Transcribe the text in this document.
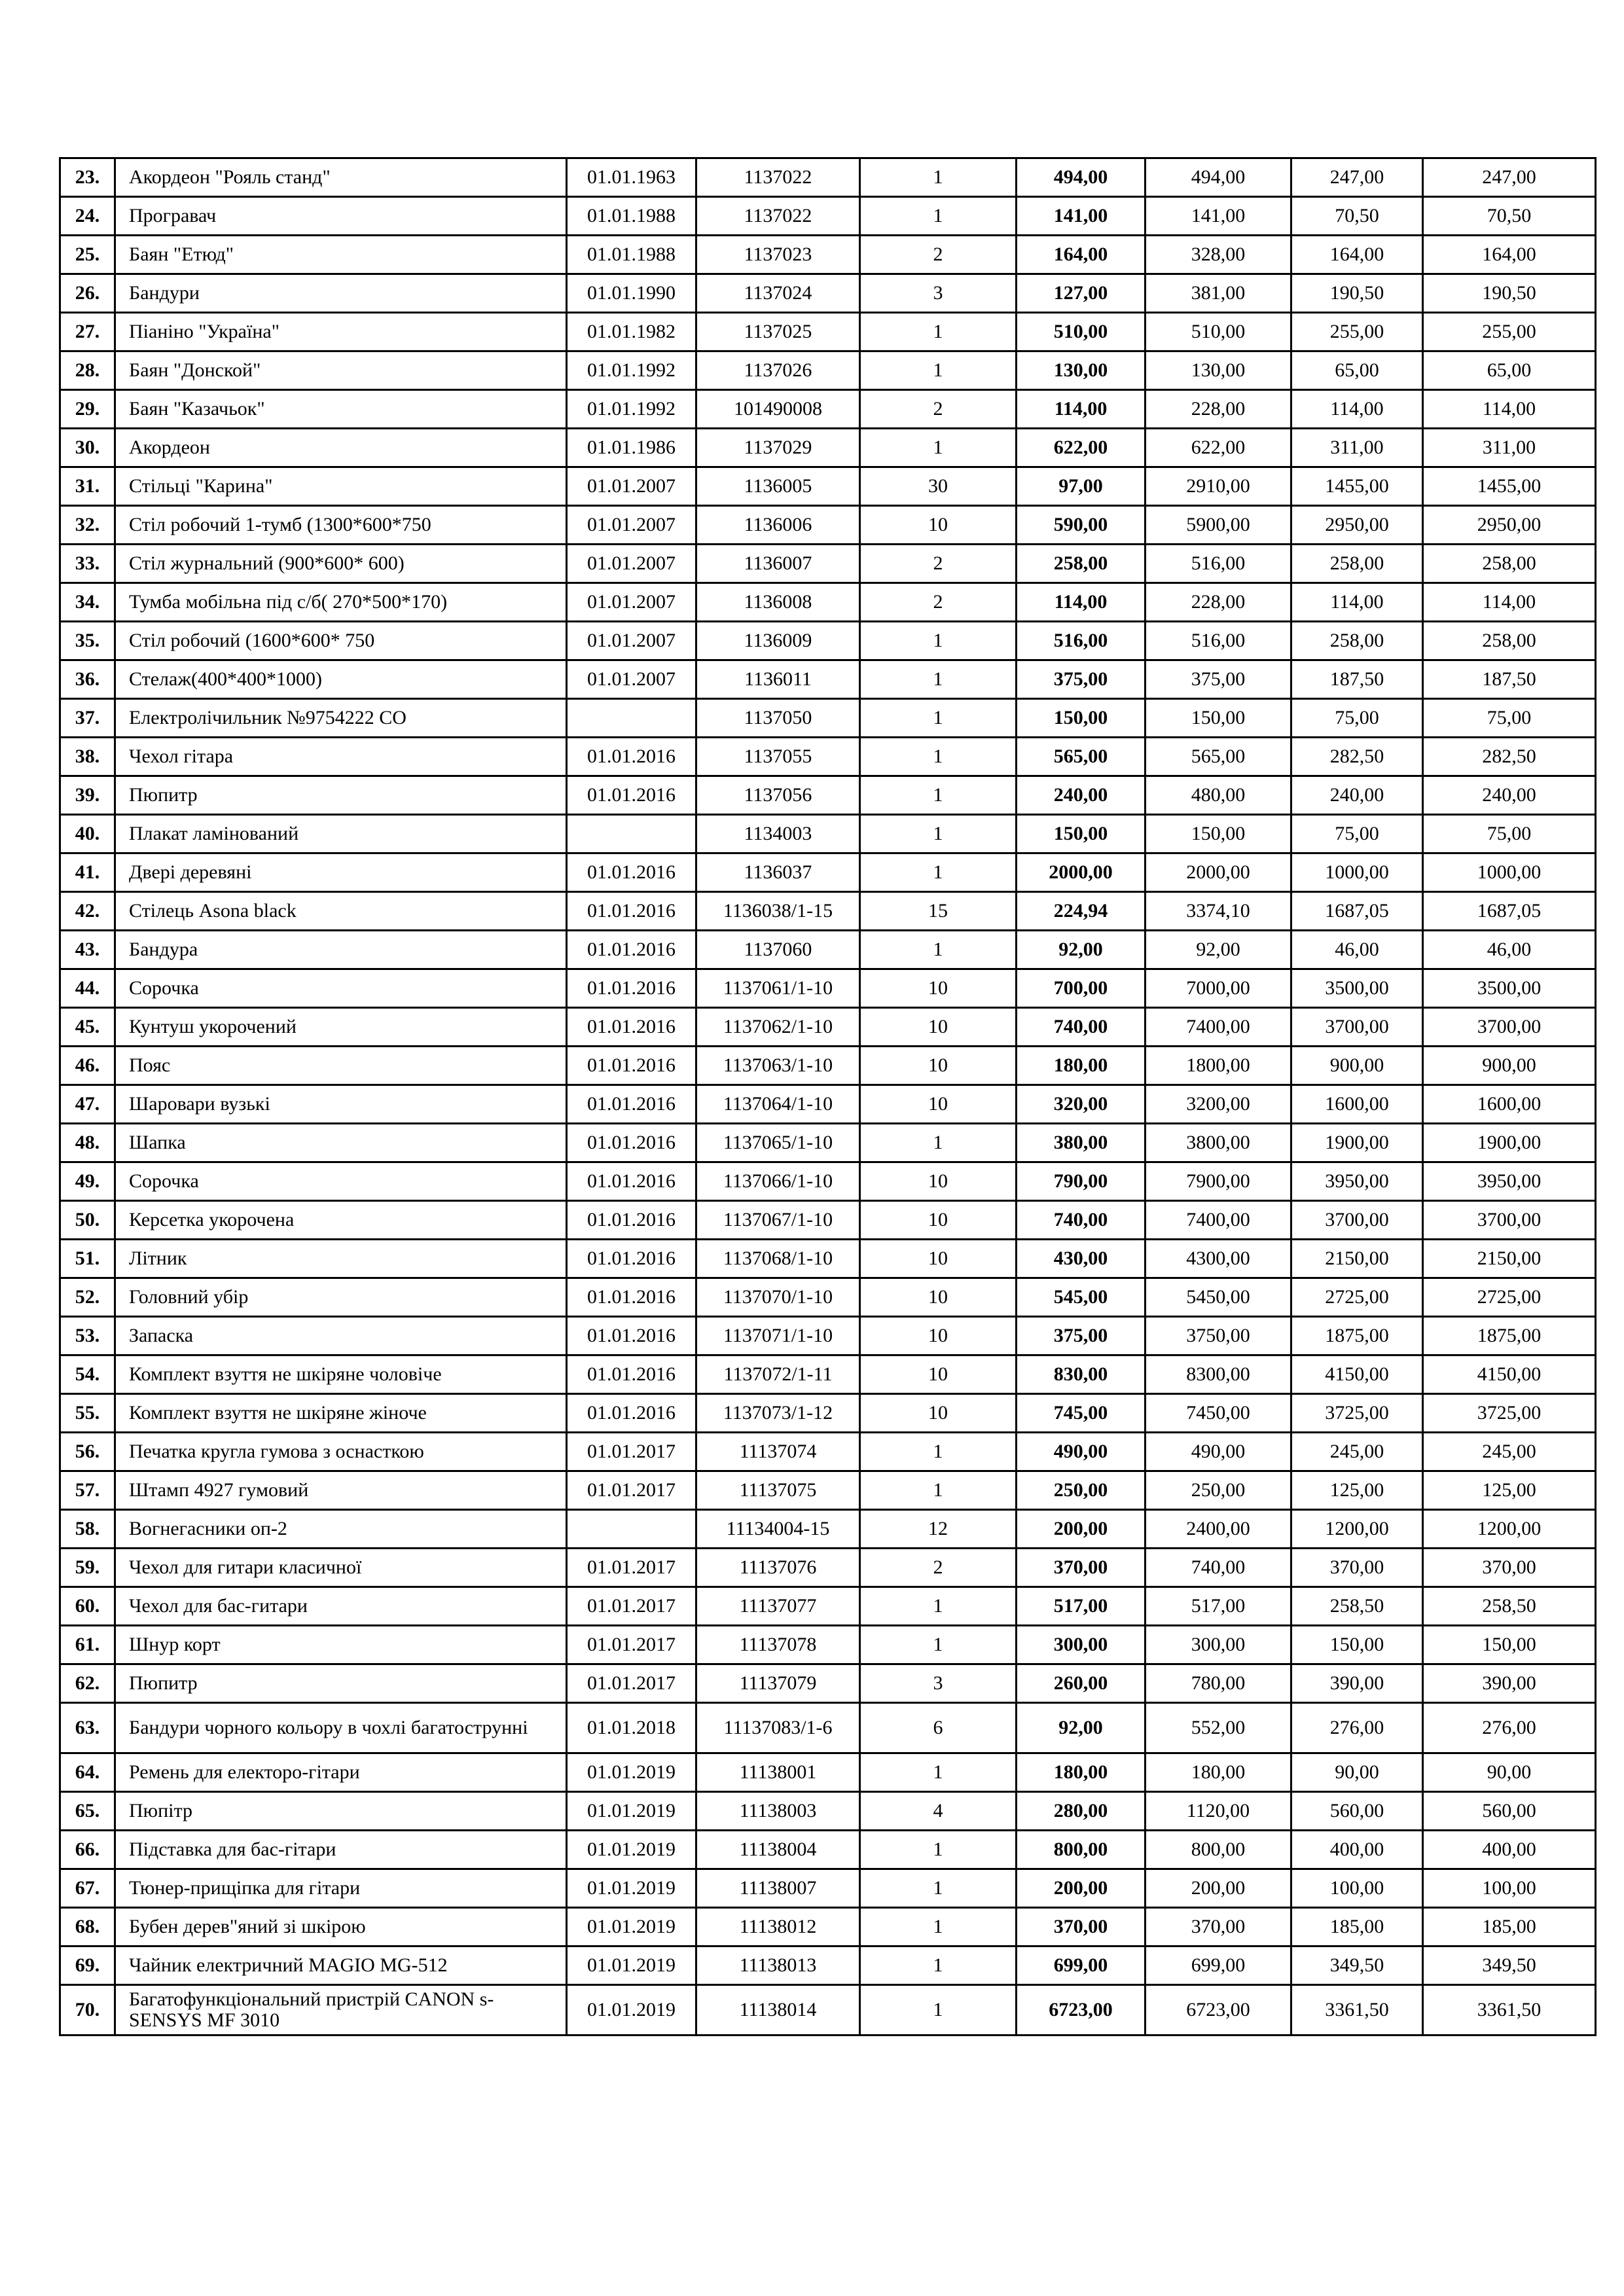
23.	Акордеон "Рояль станд"	01.01.1963	1137022	1	494,00	494,00	247,00	247,00
24.	Програвач	01.01.1988	1137022	1	141,00	141,00	70,50	70,50
25.	Баян "Етюд"	01.01.1988	1137023	2	164,00	328,00	164,00	164,00
26.	Бандури	01.01.1990	1137024	3	127,00	381,00	190,50	190,50
27.	Піаніно "Україна"	01.01.1982	1137025	1	510,00	510,00	255,00	255,00
28.	Баян "Донской"	01.01.1992	1137026	1	130,00	130,00	65,00	65,00
29.	Баян "Казачьок"	01.01.1992	101490008	2	114,00	228,00	114,00	114,00
30.	Акордеон	01.01.1986	1137029	1	622,00	622,00	311,00	311,00
31.	Стільці "Карина"	01.01.2007	1136005	30	97,00	2910,00	1455,00	1455,00
32.	Стіл робочий 1-тумб (1300*600*750	01.01.2007	1136006	10	590,00	5900,00	2950,00	2950,00
33.	Стіл журнальний (900*600* 600)	01.01.2007	1136007	2	258,00	516,00	258,00	258,00
34.	Тумба мобільна під с/б( 270*500*170)	01.01.2007	1136008	2	114,00	228,00	114,00	114,00
35.	Стіл робочий (1600*600* 750	01.01.2007	1136009	1	516,00	516,00	258,00	258,00
36.	Стелаж(400*400*1000)	01.01.2007	1136011	1	375,00	375,00	187,50	187,50
37.	Електролічильник №9754222 СО		1137050	1	150,00	150,00	75,00	75,00
38.	Чехол гітара	01.01.2016	1137055	1	565,00	565,00	282,50	282,50
39.	Пюпитр	01.01.2016	1137056	1	240,00	480,00	240,00	240,00
40.	Плакат ламінований		1134003	1	150,00	150,00	75,00	75,00
41.	Двері деревяні	01.01.2016	1136037	1	2000,00	2000,00	1000,00	1000,00
42.	Стілець Asona black	01.01.2016	1136038/1-15	15	224,94	3374,10	1687,05	1687,05
43.	Бандура	01.01.2016	1137060	1	92,00	92,00	46,00	46,00
44.	Сорочка	01.01.2016	1137061/1-10	10	700,00	7000,00	3500,00	3500,00
45.	Кунтуш укорочений	01.01.2016	1137062/1-10	10	740,00	7400,00	3700,00	3700,00
46.	Пояс	01.01.2016	1137063/1-10	10	180,00	1800,00	900,00	900,00
47.	Шаровари вузькі	01.01.2016	1137064/1-10	10	320,00	3200,00	1600,00	1600,00
48.	Шапка	01.01.2016	1137065/1-10	1	380,00	3800,00	1900,00	1900,00
49.	Сорочка	01.01.2016	1137066/1-10	10	790,00	7900,00	3950,00	3950,00
50.	Керсетка укорочена	01.01.2016	1137067/1-10	10	740,00	7400,00	3700,00	3700,00
51.	Літник	01.01.2016	1137068/1-10	10	430,00	4300,00	2150,00	2150,00
52.	Головний убір	01.01.2016	1137070/1-10	10	545,00	5450,00	2725,00	2725,00
53.	Запаска	01.01.2016	1137071/1-10	10	375,00	3750,00	1875,00	1875,00
54.	Комплект взуття не шкіряне чоловіче	01.01.2016	1137072/1-11	10	830,00	8300,00	4150,00	4150,00
55.	Комплект взуття не шкіряне жіноче	01.01.2016	1137073/1-12	10	745,00	7450,00	3725,00	3725,00
56.	Печатка кругла гумова з оснасткою	01.01.2017	11137074	1	490,00	490,00	245,00	245,00
57.	Штамп 4927 гумовий	01.01.2017	11137075	1	250,00	250,00	125,00	125,00
58.	Вогнегасники оп-2		11134004-15	12	200,00	2400,00	1200,00	1200,00
59.	Чехол для гитари класичної	01.01.2017	11137076	2	370,00	740,00	370,00	370,00
60.	Чехол для бас-гитари	01.01.2017	11137077	1	517,00	517,00	258,50	258,50
61.	Шнур корт	01.01.2017	11137078	1	300,00	300,00	150,00	150,00
62.	Пюпитр	01.01.2017	11137079	3	260,00	780,00	390,00	390,00
63.	Бандури чорного кольору в чохлі багатострунні	01.01.2018	11137083/1-6	6	92,00	552,00	276,00	276,00
64.	Ремень для електоро-гітари	01.01.2019	11138001	1	180,00	180,00	90,00	90,00
65.	Пюпітр	01.01.2019	11138003	4	280,00	1120,00	560,00	560,00
66.	Підставка для бас-гітари	01.01.2019	11138004	1	800,00	800,00	400,00	400,00
67.	Тюнер-прищіпка для гітари	01.01.2019	11138007	1	200,00	200,00	100,00	100,00
68.	Бубен дерев"яний зі шкірою	01.01.2019	11138012	1	370,00	370,00	185,00	185,00
69.	Чайник електричний MAGIO MG-512	01.01.2019	11138013	1	699,00	699,00	349,50	349,50
70.	Багатофункціональний пристрій CANON s-SENSYS MF 3010	01.01.2019	11138014	1	6723,00	6723,00	3361,50	3361,50
